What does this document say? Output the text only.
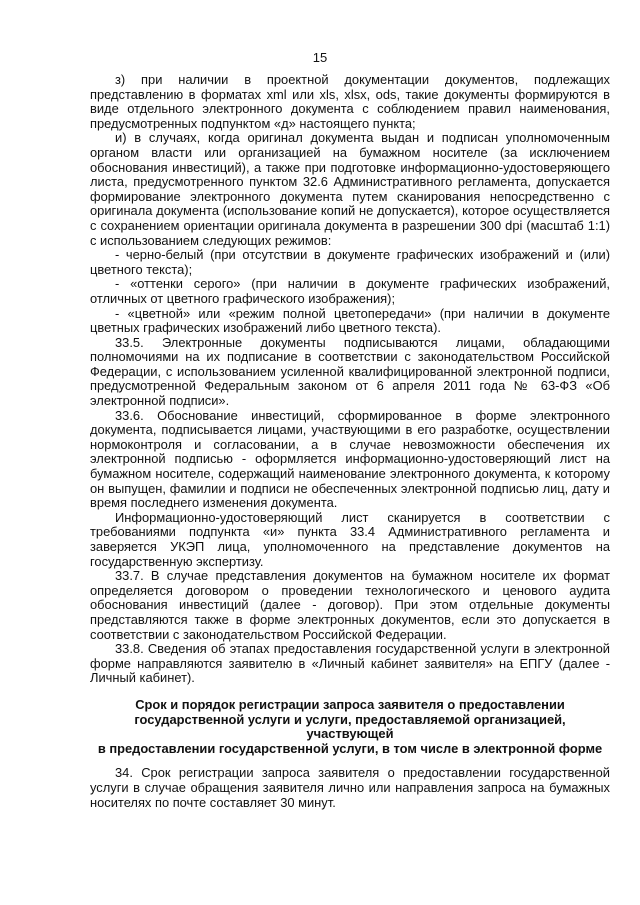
15

з) при наличии в проектной документации документов, подлежащих представлению в форматах xml или xls, xlsx, ods, такие документы формируются в виде отдельного электронного документа с соблюдением правил наименования, предусмотренных подпунктом «д» настоящего пункта;

и) в случаях, когда оригинал документа выдан и подписан уполномоченным органом власти или организацией на бумажном носителе (за исключением обоснования инвестиций), а также при подготовке информационно-удостоверяющего листа, предусмотренного пунктом 32.6 Административного регламента, допускается формирование электронного документа путем сканирования непосредственно с оригинала документа (использование копий не допускается), которое осуществляется с сохранением ориентации оригинала документа в разрешении 300 dpi (масштаб 1:1) с использованием следующих режимов:

- черно-белый (при отсутствии в документе графических изображений и (или) цветного текста);

- «оттенки серого» (при наличии в документе графических изображений, отличных от цветного графического изображения);

- «цветной» или «режим полной цветопередачи» (при наличии в документе цветных графических изображений либо цветного текста).

33.5. Электронные документы подписываются лицами, обладающими полномочиями на их подписание в соответствии с законодательством Российской Федерации, с использованием усиленной квалифицированной электронной подписи, предусмотренной Федеральным законом от 6 апреля 2011 года № 63-ФЗ «Об электронной подписи».

33.6. Обоснование инвестиций, сформированное в форме электронного документа, подписывается лицами, участвующими в его разработке, осуществлении нормоконтроля и согласовании, а в случае невозможности обеспечения их электронной подписью - оформляется информационно-удостоверяющий лист на бумажном носителе, содержащий наименование электронного документа, к которому он выпущен, фамилии и подписи не обеспеченных электронной подписью лиц, дату и время последнего изменения документа.

Информационно-удостоверяющий лист сканируется в соответствии с требованиями подпункта «и» пункта 33.4 Административного регламента и заверяется УКЭП лица, уполномоченного на представление документов на государственную экспертизу.

33.7. В случае представления документов на бумажном носителе их формат определяется договором о проведении технологического и ценового аудита обоснования инвестиций (далее - договор). При этом отдельные документы представляются также в форме электронных документов, если это допускается в соответствии с законодательством Российской Федерации.

33.8. Сведения об этапах предоставления государственной услуги в электронной форме направляются заявителю в «Личный кабинет заявителя» на ЕПГУ (далее - Личный кабинет).

Срок и порядок регистрации запроса заявителя о предоставлении
государственной услуги и услуги, предоставляемой организацией, участвующей
в предоставлении государственной услуги, в том числе в электронной форме

34. Срок регистрации запроса заявителя о предоставлении государственной услуги в случае обращения заявителя лично или направления запроса на бумажных носителях по почте составляет 30 минут.
